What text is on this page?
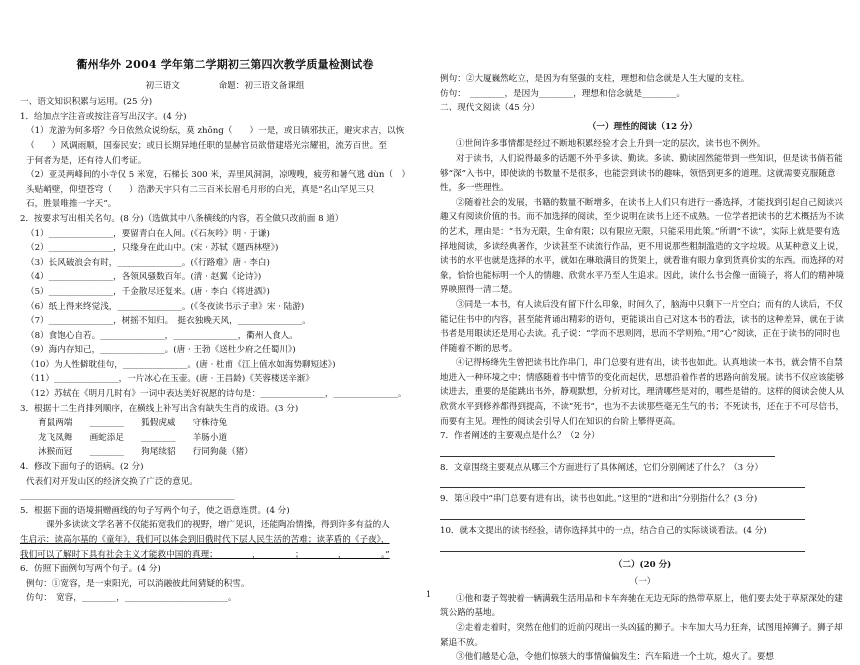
衢州华外 2004 学年第二学期初三第四次教学质量检测试卷
初三语文	命题：初三语文备课组
一、语文知识积累与运用。(25 分)
1．给加点字注音或按注音写出汉字。(4 分)
（1）龙游为何多塔？今日依然众说纷纭，莫 zhōng（　　）一是，或日镇邪扶正，避灾求吉，以恢
（　　）风调雨顺，国泰民安；或日长期异地任职的显赫官员欲借建塔光宗耀祖，流芳百世。至
于何者为是，还有待人们考证。
（2）亚灵两峰间的小寺仅 5 米宽，石梯长 300 米，弄里风洞洞，凉嗖嗖，疲劳和暑气逃 dùn（　）
头贴峭壁，仰望苍穹（　　）浩渺天宇只有二三百米长眉毛月形的白光，真是“名山罕见三只
石，胜景唯推一字天”。
2．按要求写出相关名句。(8 分)（选做其中八条横线的内容，若全做只改前面 8 道）
（1）_______________，要留青白在人间。(《石灰吟》明 · 于谦)
（2）_______________，只缘身在此山中。(宋 · 苏轼《题西林壁》)
（3）长风破浪会有时，_______________。(《行路难》唐 · 李白)
（4）_______________，各领风骚数百年。(清 · 赵翼《论诗》)
（5）_______________，千金散尽还复来。(唐 · 李白《将进酒》)
（6）纸上得来终觉浅，_______________。(《冬夜读书示子聿》宋 · 陆游)
（7）_______________，树摇不知归。　挺衣独晚天风，_______________。
（8）食饱心自若。_______________，_______________，衢州人食人。
（9）海内存知己，_______________。(唐 · 王勃《送杜少府之任蜀川》)
（10）为人性僻耽佳句，_______________。(唐 · 杜甫《江上值水如海势聊短述》)
（11）_______________，一片冰心在玉壶。(唐 · 王昌龄)《芙蓉楼送辛渐》
（12）苏轼在《明月几时有》一词中表达美好祝愿的诗句是：_______________，_______________。
3．根据十二生肖排列顺序，在横线上补写出含有缺失生肖的成语。(3 分)
育鼠两端　　________　　狐假虎威　　守株待兔
龙飞凤舞　　画蛇添足　　________　　羊肠小道
沐猴而冠　　________　　狗尾续貂　　行同狗彘（猪）
4．修改下面句子的语病。(2 分)
代表们对开发山区的经济交换了广泛的意见。
__________________________________________________
5．根据下面的语境捐赠画线的句子写两个句子，使之语意连贯。(4 分)
课外多读读文学名著不仅能拓宽我们的视野，增广见识，还能陶冶情操，得到许多有益的人
生启示：读高尔基的《童年》，我们可以体会到旧俄时代下层人民生活的苦难；读茅盾的《子夜》，
我们可以了解时下具有社会主义才能救中国的真理；________，________；________，________。”
6．仿照下面例句写两个句子。(4 分)
例句：①宽容，是一束阳光，可以消融彼此间猜疑的积雪。
仿句：　宽容，________，________________________。
例句：②大厦巍然屹立，是因为有坚强的支柱，理想和信念就是人生大厦的支柱。
仿句：　________，是因为________，理想和信念就是________。
二、现代文阅读（45 分）
（一）理性的阅读（12 分）
①世间许多事情都是经过不断地积累经验才会上升到一定的层次，读书也不例外。
对于读书，人们说得最多的话题不外乎多读、勤读。多读、勤读固然能带到一些知识，但是读书倘若能够“深”入书中，即使读的书数量不是很多，也能尝到读书的趣味，领悟到更多的道理。这就需要克服随意性，多一些理性。
②随着社会的发展，书籍的数量不断增多，在读书上人们只有进行一番选择，才能找到引起自己阅读兴趣又有阅读价值的书。而不加选择的阅读，至少说明在读书上还不成熟。一位学者把读书的艺术概括为不读的艺术，理由是：“书为无限，生命有限；以有限应无限，只能采用此策。”所谓“不读”，实际上就是要有选择地阅读，多读经典著作，少读甚至不读流行作品，更不用说那些粗制滥造的文字垃圾。从某种意义上说，读书的水平也就是选择的水平，就如在琳琅满目的货架上，就看谁有眼力拿到货真价实的东西。而选择的对象，恰恰也能标明一个人的情趣、欣赏水平乃至人生追求。因此，读什么书会像一面镜子，将人们的精神境界映照得一清二楚。
③同是一本书，有人读后没有留下什么印象，时间久了，脑海中只剩下一片空白；而有的人读后，不仅能记住书中的内容，甚至能背诵出精彩的语句，更能谈出自己对这本书的看法，读书的这种差异，就在于读书者是用眼读还是用心去读。孔子说：“学而不思则罔，思而不学则殆。”用“心”阅读，正在于读书的同时也伴随着不断的思考。
④记得杨绛先生曾把读书比作串门，串门总要有进有出，读书也如此。认真地读一本书，就会情不自禁地进入一种环境之中；情感随着书中情节的变化而起伏，思想沿着作者的思路向前发展。读书不仅应该能够读进去，重要的是能跳出书外，静观默想，分析对比，理清哪些是对的，哪些是错的。这样的阅读会使人从欣赏水平到修养都得到提高，不读“死书”，也为不去读那些毫无生气的书；不死读书，还在于不可尽信书，而要有主见。理性的阅读会引导人们在知识的台阶上攀得更高。
7．作者阐述的主要观点是什么？（2 分）
8．文章围绕主要观点从哪三个方面进行了具体阐述，它们分别阐述了什么？（3 分）
9．第④段中“串门总要有进有出，读书也如此。”这里的“进和出”分别指什么？(3 分)
10．就本文提出的读书经验，请你选择其中的一点，结合自己的实际谈谈看法。(4 分)
（二）(20 分)
（一）
①他和妻子驾驶着一辆满载生活用品和卡车奔驰在无边无际的热带草原上，他们要去处于草原深处的建筑公路的基地。
②走着走着时，突然在他们的近前闪现出一头凶猛的狮子。卡车加大马力狂奔，试图甩掉狮子。狮子却紧追不放。
③他们越是心急，令他们惊骇大的事情偏偏发生：汽车陷进一个土坑，熄火了。要想
1
